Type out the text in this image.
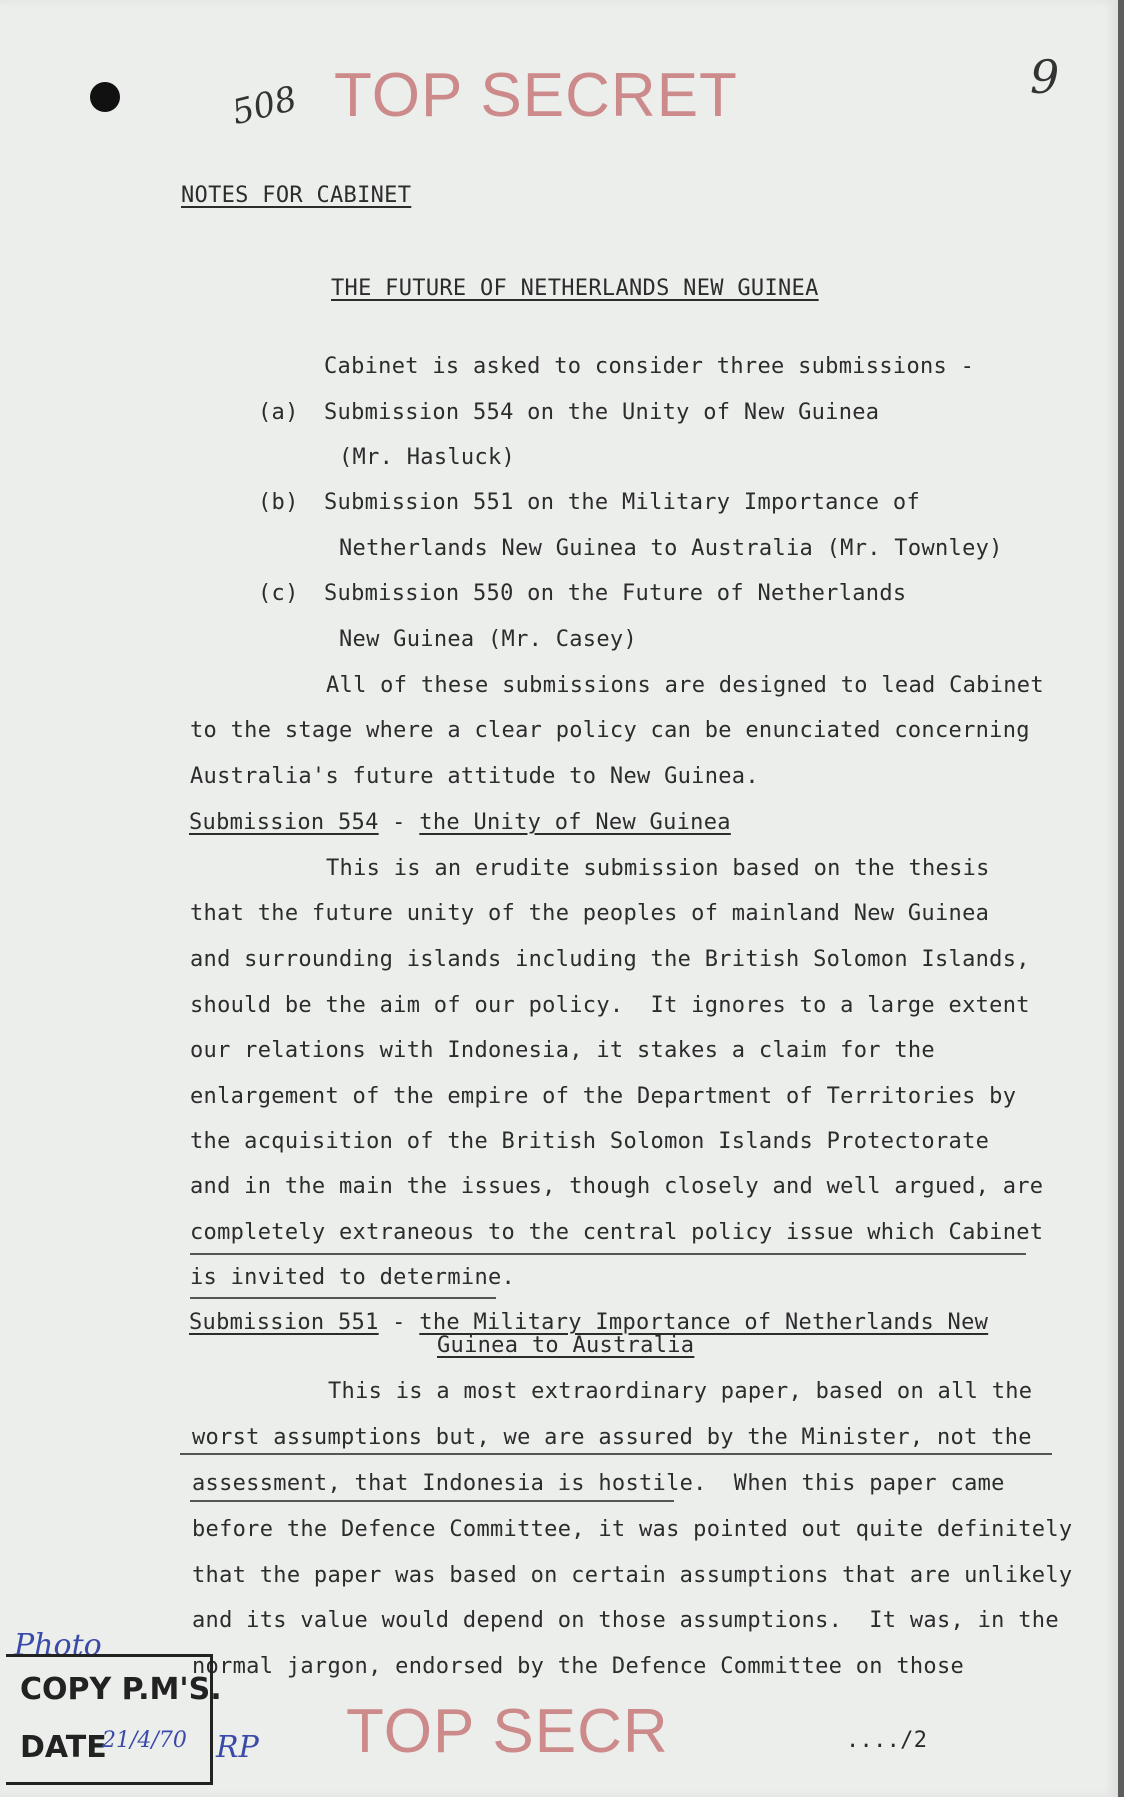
508 TOP SECRET	9
NOTES FOR CABINET
THE FUTURE OF NETHERLANDS NEW GUINEA
Cabinet is asked to consider three submissions -
(a) Submission 554 on the Unity of New Guinea
(Mr. Hasluck)
(b) Submission 551 on the Military Importance of
Netherlands New Guinea to Australia (Mr. Townley)
(c) Submission 550 on the Future of Netherlands
New Guinea (Mr. Casey)
All of these submissions are designed to lead Cabinet
to the stage where a clear policy can be enunciated concerning
Australia's future attitude to New Guinea.
Submission 554 - the Unity of New Guinea
This is an erudite submission based on the thesis
that the future unity of the peoples of mainland New Guinea
and surrounding islands including the British Solomon Islands,
should be the aim of our policy.  It ignores to a large extent
our relations with Indonesia, it stakes a claim for the
enlargement of the empire of the Department of Territories by
the acquisition of the British Solomon Islands Protectorate
and in the main the issues, though closely and well argued, are
completely extraneous to the central policy issue which Cabinet
is invited to determine.
Submission 551 - the Military Importance of Netherlands New
Guinea to Australia
This is a most extraordinary paper, based on all the
worst assumptions but, we are assured by the Minister, not the
assessment, that Indonesia is hostile.  When this paper came
before the Defence Committee, it was pointed out quite definitely
that the paper was based on certain assumptions that are unlikely
and its value would depend on those assumptions.  It was, in the
normal jargon, endorsed by the Defence Committee on those
TOP SECR	..../2
Photo
COPY P.M'S.
DATE
21/4/70 RP
